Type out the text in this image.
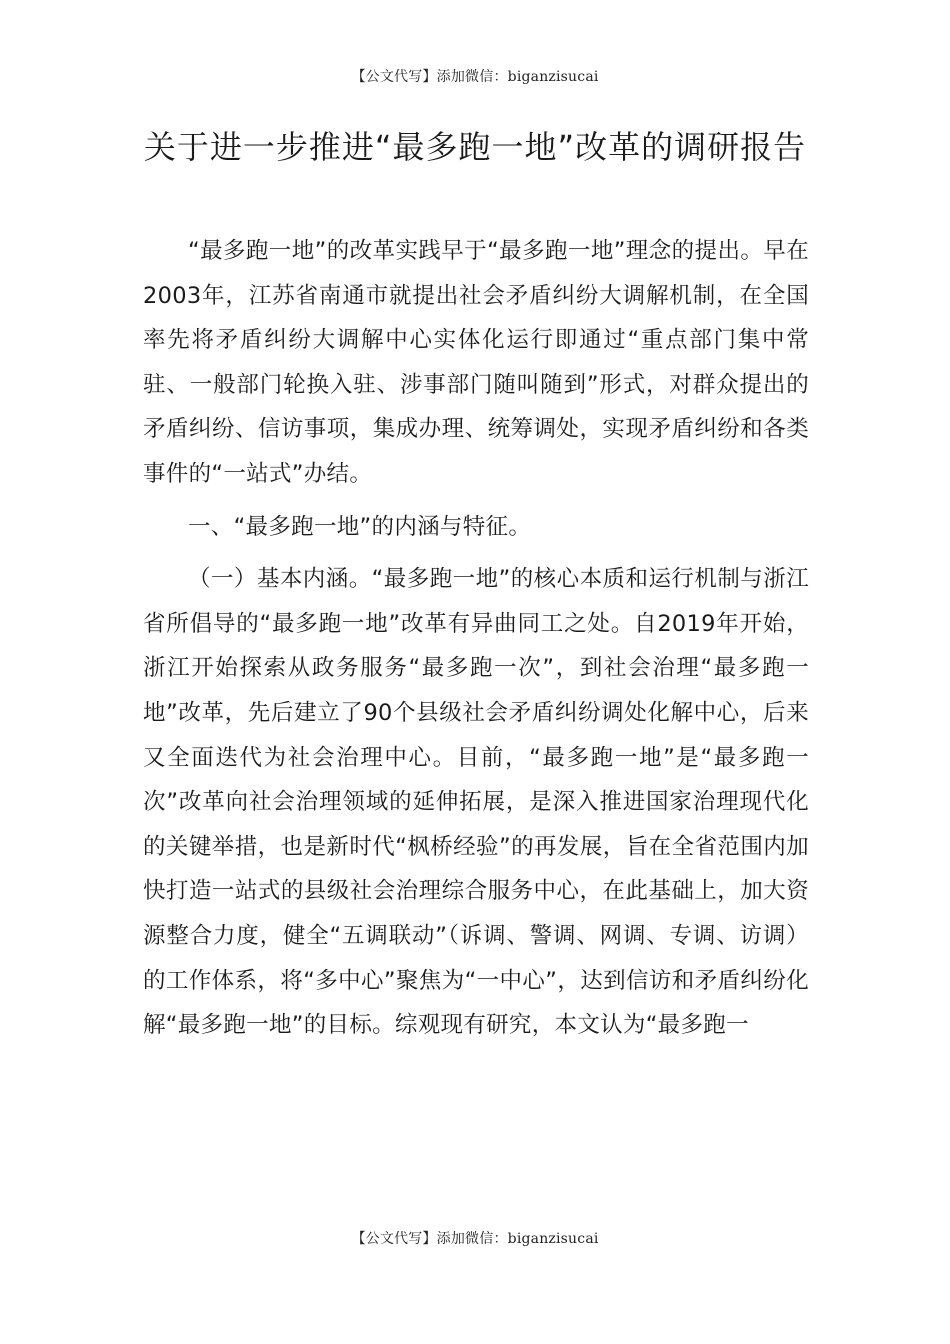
【公文代写】添加微信：biganzisucai
关于进一步推进“最多跑一地”改革的调研报告

“最多跑一地”的改革实践早于“最多跑一地”理念的提出。早在2003年，江苏省南通市就提出社会矛盾纠纷大调解机制，在全国率先将矛盾纠纷大调解中心实体化运行即通过“重点部门集中常驻、一般部门轮换入驻、涉事部门随叫随到”形式，对群众提出的矛盾纠纷、信访事项，集成办理、统筹调处，实现矛盾纠纷和各类事件的“一站式”办结。

一、“最多跑一地”的内涵与特征。

（一）基本内涵。“最多跑一地”的核心本质和运行机制与浙江省所倡导的“最多跑一地”改革有异曲同工之处。自2019年开始，浙江开始探索从政务服务“最多跑一次”，到社会治理“最多跑一地”改革，先后建立了90个县级社会矛盾纠纷调处化解中心，后来又全面迭代为社会治理中心。目前，“最多跑一地”是“最多跑一次”改革向社会治理领域的延伸拓展，是深入推进国家治理现代化的关键举措，也是新时代“枫桥经验”的再发展，旨在全省范围内加快打造一站式的县级社会治理综合服务中心，在此基础上，加大资源整合力度，健全“五调联动”（诉调、警调、网调、专调、访调）的工作体系，将“多中心”聚焦为“一中心”，达到信访和矛盾纠纷化解“最多跑一地”的目标。综观现有研究，本文认为“最多跑一

【公文代写】添加微信：biganzisucai
